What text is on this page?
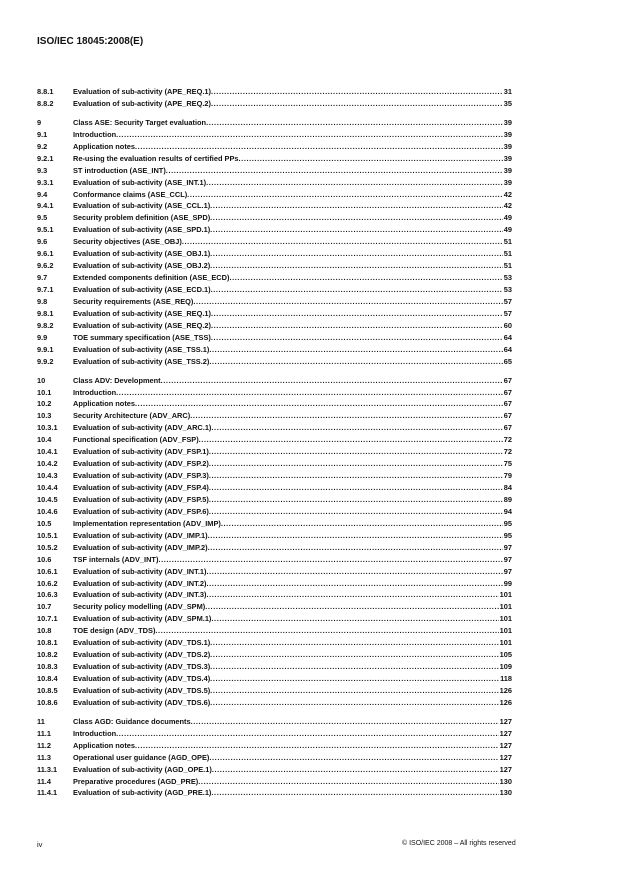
ISO/IEC 18045:2008(E)
8.8.1	Evaluation of sub-activity (APE_REQ.1) .....	31
8.8.2	Evaluation of sub-activity (APE_REQ.2) .....	35
9	Class ASE: Security Target evaluation .....	39
9.1	Introduction .....	39
9.2	Application notes .....	39
9.2.1	Re-using the evaluation results of certified PPs .....	39
9.3	ST introduction (ASE_INT) .....	39
9.3.1	Evaluation of sub-activity (ASE_INT.1) .....	39
9.4	Conformance claims (ASE_CCL) .....	42
9.4.1	Evaluation of sub-activity (ASE_CCL.1) .....	42
9.5	Security problem definition (ASE_SPD) .....	49
9.5.1	Evaluation of sub-activity (ASE_SPD.1) .....	49
9.6	Security objectives (ASE_OBJ) .....	51
9.6.1	Evaluation of sub-activity (ASE_OBJ.1) .....	51
9.6.2	Evaluation of sub-activity (ASE_OBJ.2) .....	51
9.7	Extended components definition (ASE_ECD) .....	53
9.7.1	Evaluation of sub-activity (ASE_ECD.1) .....	53
9.8	Security requirements (ASE_REQ) .....	57
9.8.1	Evaluation of sub-activity (ASE_REQ.1) .....	57
9.8.2	Evaluation of sub-activity (ASE_REQ.2) .....	60
9.9	TOE summary specification (ASE_TSS) .....	64
9.9.1	Evaluation of sub-activity (ASE_TSS.1) .....	64
9.9.2	Evaluation of sub-activity (ASE_TSS.2) .....	65
10	Class ADV: Development .....	67
10.1	Introduction .....	67
10.2	Application notes .....	67
10.3	Security Architecture (ADV_ARC) .....	67
10.3.1	Evaluation of sub-activity (ADV_ARC.1) .....	67
10.4	Functional specification (ADV_FSP) .....	72
10.4.1	Evaluation of sub-activity (ADV_FSP.1) .....	72
10.4.2	Evaluation of sub-activity (ADV_FSP.2) .....	75
10.4.3	Evaluation of sub-activity (ADV_FSP.3) .....	79
10.4.4	Evaluation of sub-activity (ADV_FSP.4) .....	84
10.4.5	Evaluation of sub-activity (ADV_FSP.5) .....	89
10.4.6	Evaluation of sub-activity (ADV_FSP.6) .....	94
10.5	Implementation representation (ADV_IMP) .....	95
10.5.1	Evaluation of sub-activity (ADV_IMP.1) .....	95
10.5.2	Evaluation of sub-activity (ADV_IMP.2) .....	97
10.6	TSF internals (ADV_INT) .....	97
10.6.1	Evaluation of sub-activity (ADV_INT.1) .....	97
10.6.2	Evaluation of sub-activity (ADV_INT.2) .....	99
10.6.3	Evaluation of sub-activity (ADV_INT.3) .....	101
10.7	Security policy modelling (ADV_SPM) .....	101
10.7.1	Evaluation of sub-activity (ADV_SPM.1) .....	101
10.8	TOE design (ADV_TDS) .....	101
10.8.1	Evaluation of sub-activity (ADV_TDS.1) .....	101
10.8.2	Evaluation of sub-activity (ADV_TDS.2) .....	105
10.8.3	Evaluation of sub-activity (ADV_TDS.3) .....	109
10.8.4	Evaluation of sub-activity (ADV_TDS.4) .....	118
10.8.5	Evaluation of sub-activity (ADV_TDS.5) .....	126
10.8.6	Evaluation of sub-activity (ADV_TDS.6) .....	126
11	Class AGD: Guidance documents .....	127
11.1	Introduction .....	127
11.2	Application notes .....	127
11.3	Operational user guidance (AGD_OPE) .....	127
11.3.1	Evaluation of sub-activity (AGD_OPE.1) .....	127
11.4	Preparative procedures (AGD_PRE) .....	130
11.4.1	Evaluation of sub-activity (AGD_PRE.1) .....	130
iv	© ISO/IEC 2008 – All rights reserved
